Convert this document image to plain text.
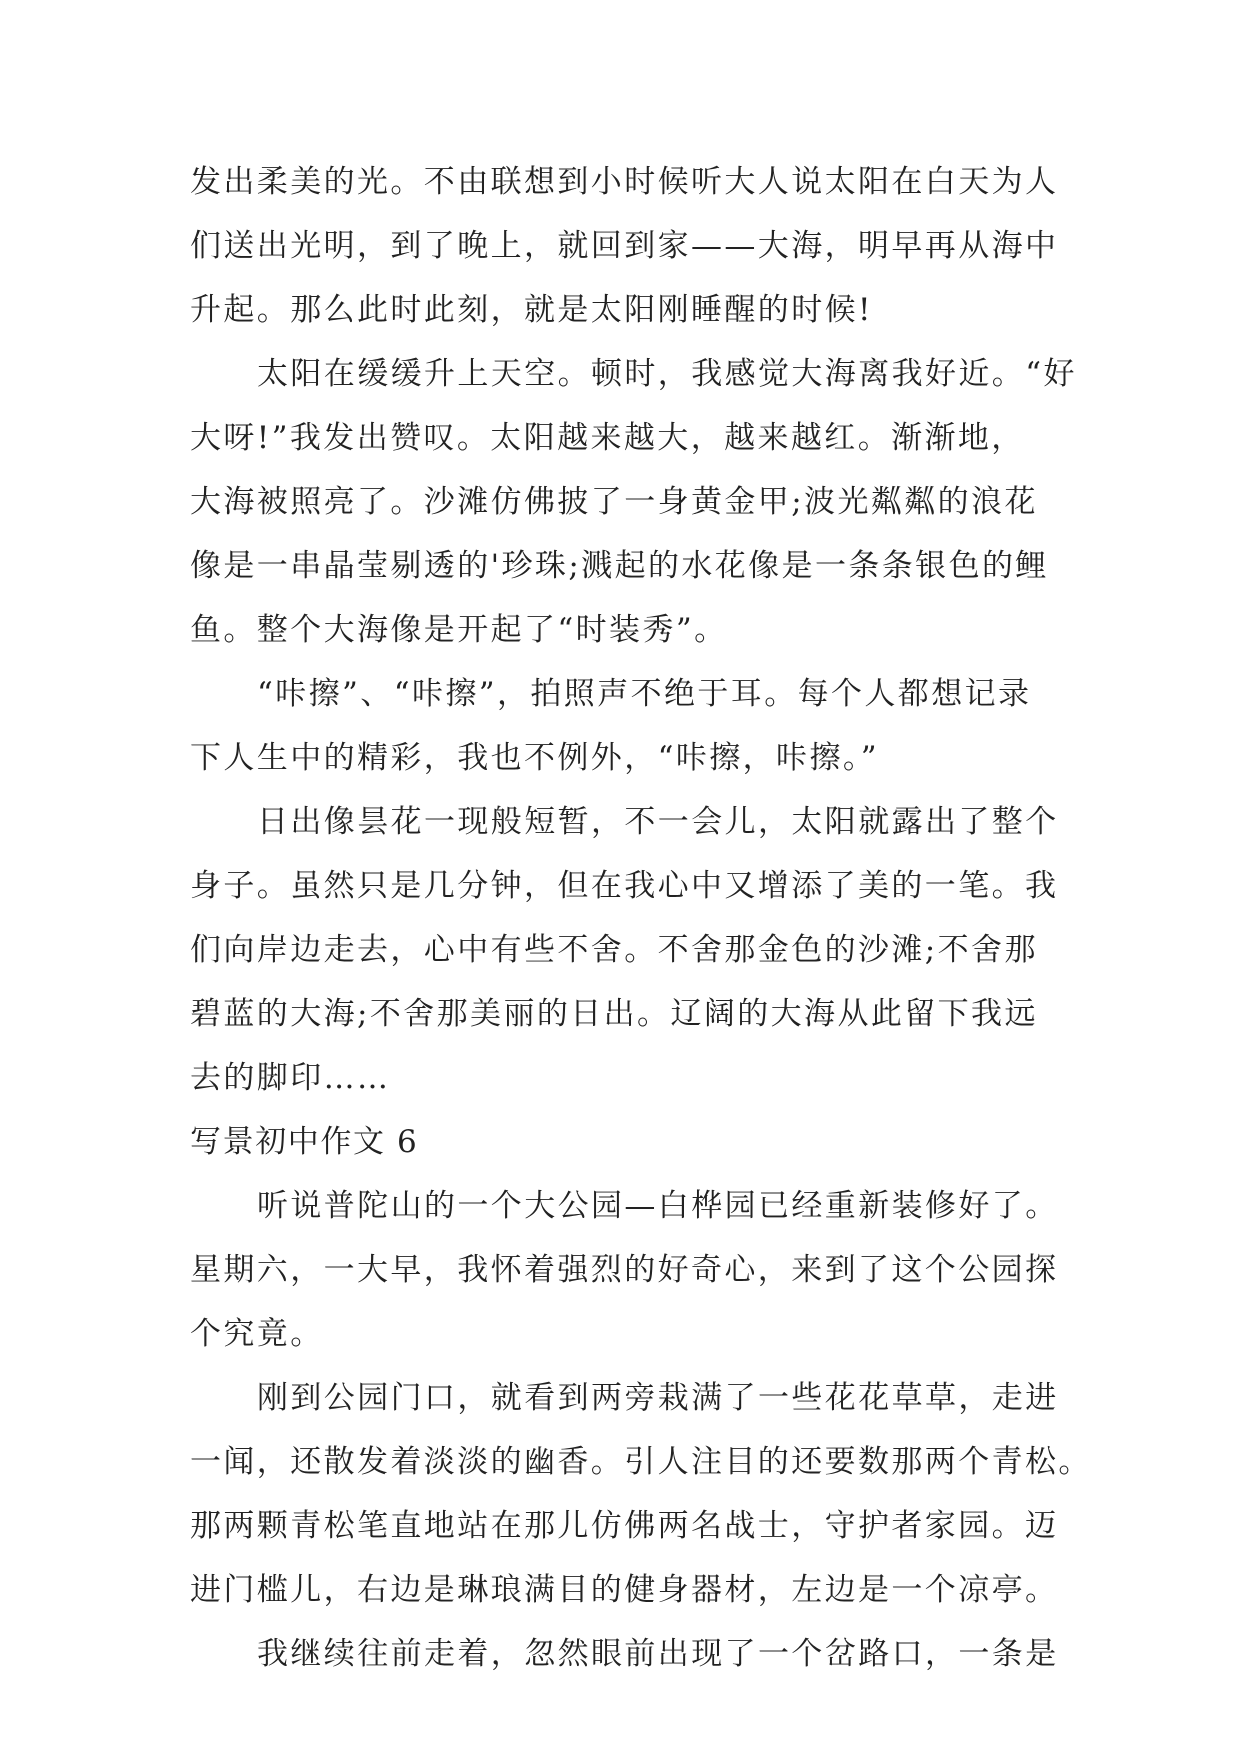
发出柔美的光。不由联想到小时候听大人说太阳在白天为人
们送出光明，到了晚上，就回到家——大海，明早再从海中
升起。那么此时此刻，就是太阳刚睡醒的时候!
太阳在缓缓升上天空。顿时，我感觉大海离我好近。“好
大呀!”我发出赞叹。太阳越来越大，越来越红。渐渐地，
大海被照亮了。沙滩仿佛披了一身黄金甲;波光粼粼的浪花
像是一串晶莹剔透的'珍珠;溅起的水花像是一条条银色的鲤
鱼。整个大海像是开起了“时装秀”。
“咔擦”、“咔擦”，拍照声不绝于耳。每个人都想记录
下人生中的精彩，我也不例外，“咔擦，咔擦。”
日出像昙花一现般短暂，不一会儿，太阳就露出了整个
身子。虽然只是几分钟，但在我心中又增添了美的一笔。我
们向岸边走去，心中有些不舍。不舍那金色的沙滩;不舍那
碧蓝的大海;不舍那美丽的日出。辽阔的大海从此留下我远
去的脚印……
写景初中作文 6
听说普陀山的一个大公园—白桦园已经重新装修好了。
星期六，一大早，我怀着强烈的好奇心，来到了这个公园探
个究竟。
刚到公园门口，就看到两旁栽满了一些花花草草，走进
一闻，还散发着淡淡的幽香。引人注目的还要数那两个青松。
那两颗青松笔直地站在那儿仿佛两名战士，守护者家园。迈
进门槛儿，右边是琳琅满目的健身器材，左边是一个凉亭。
我继续往前走着，忽然眼前出现了一个岔路口，一条是
